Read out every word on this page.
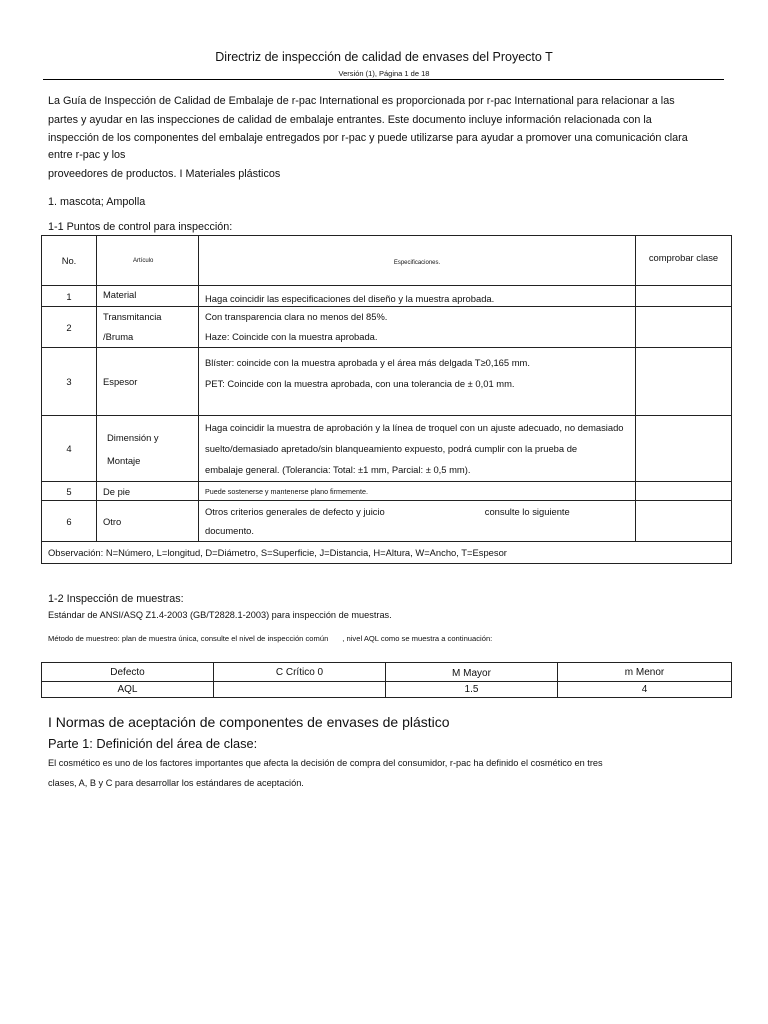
Directriz de inspección de calidad de envases del Proyecto T
Versión (1), Página 1 de 18
La Guía de Inspección de Calidad de Embalaje de r-pac International es proporcionada por r-pac International para relacionar a las
partes y ayudar en las inspecciones de calidad de embalaje entrantes. Este documento incluye información relacionada con la
inspección de los componentes del embalaje entregados por r-pac y puede utilizarse para ayudar a promover una comunicación clara
entre r-pac y los
proveedores de productos. I Materiales plásticos
1. mascota; Ampolla
1-1 Puntos de control para inspección:
No.	Artículo	Especificaciones.	comprobar clase
1	Material	Haga coincidir las especificaciones del diseño y la muestra aprobada.	
2	Transmitancia
/Bruma	Con transparencia clara no menos del 85%.
Haze: Coincide con la muestra aprobada.	

3	Espesor	Blíster: coincide con la muestra aprobada y el área más delgada T≥0,165 mm.
PET: Coincide con la muestra aprobada, con una tolerancia de ± 0,01 mm.	

4	Dimensión y
Montaje	Haga coincidir la muestra de aprobación y la línea de troquel con un ajuste adecuado, no demasiado
suelto/demasiado apretado/sin blanqueamiento expuesto, podrá cumplir con la prueba de
embalaje general. (Tolerancia: Total: ±1 mm, Parcial: ± 0,5 mm).	

5	De pie	Puede sostenerse y mantenerse plano firmemente.	
6	Otro	Otros criterios generales de defecto y juicio consulte lo siguiente
documento.	

Observación: N=Número, L=longitud, D=Diámetro, S=Superficie, J=Distancia, H=Altura, W=Ancho, T=Espesor			
1-2 Inspección de muestras:
Estándar de ANSI/ASQ Z1.4-2003 (GB/T2828.1-2003) para inspección de muestras.
Método de muestreo: plan de muestra única, consulte el nivel de inspección común , nivel AQL como se muestra a continuación:
Defecto	C Crítico 0	M Mayor	m Menor
AQL		1.5	4
I Normas de aceptación de componentes de envases de plástico
Parte 1: Definición del área de clase:
El cosmético es uno de los factores importantes que afecta la decisión de compra del consumidor, r-pac ha definido el cosmético en tres
clases, A, B y C para desarrollar los estándares de aceptación.
